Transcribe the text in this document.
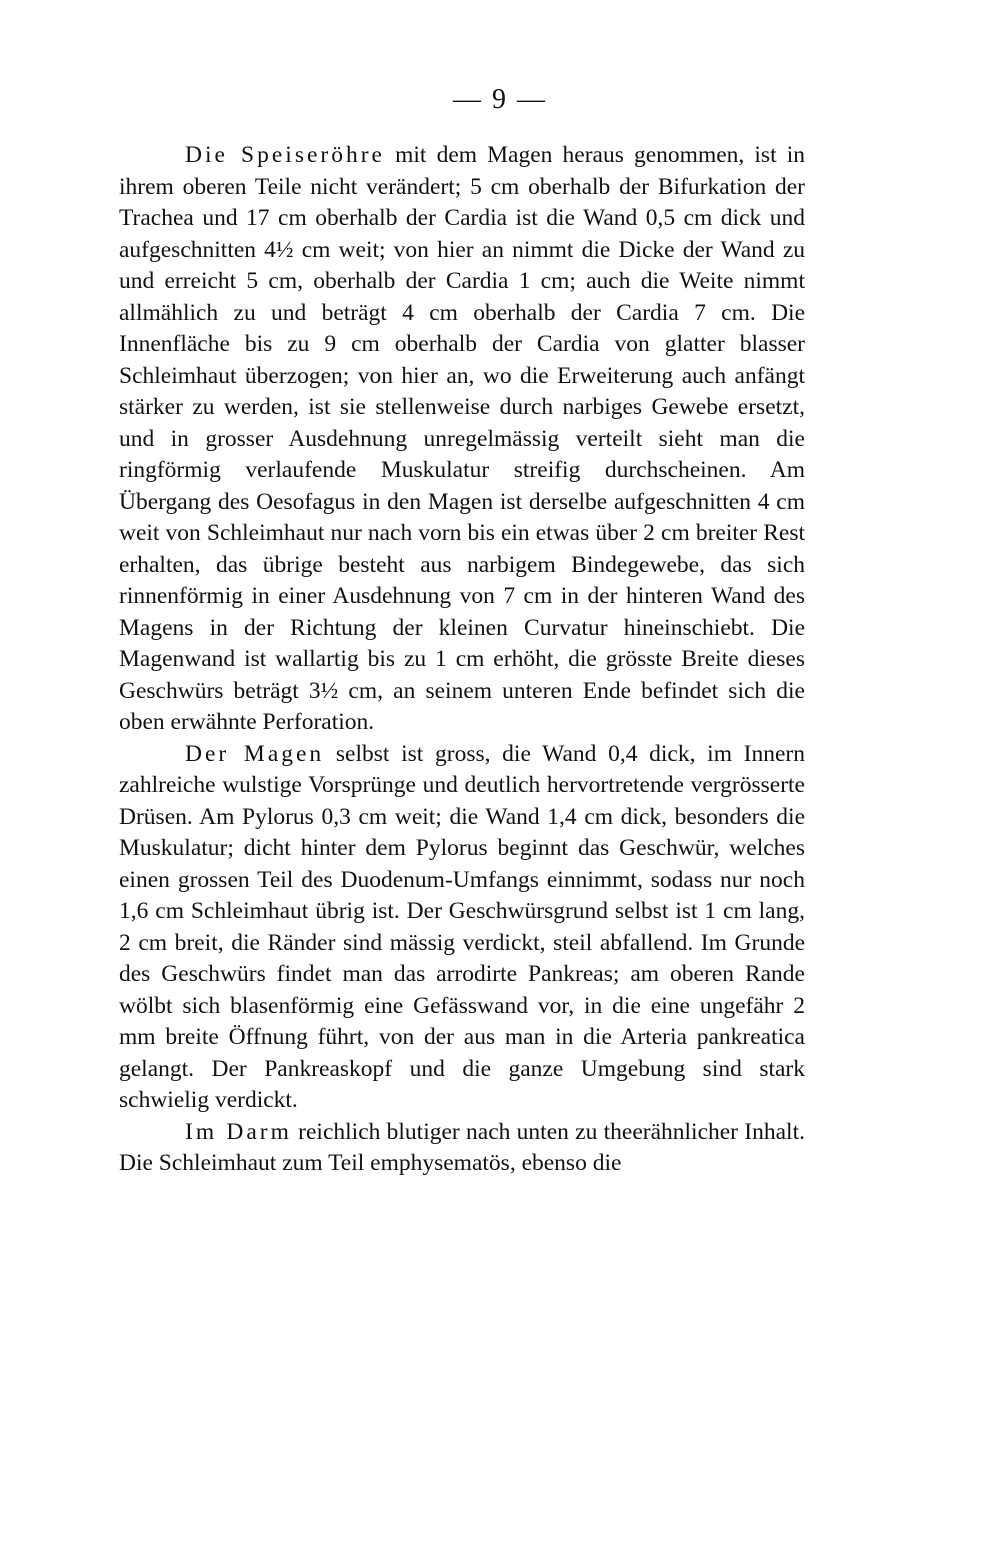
— 9 —

Die Speiseröhre mit dem Magen heraus genommen, ist in ihrem oberen Teile nicht verändert; 5 cm oberhalb der Bifurkation der Trachea und 17 cm oberhalb der Cardia ist die Wand 0,5 cm dick und aufgeschnitten 4½ cm weit; von hier an nimmt die Dicke der Wand zu und erreicht 5 cm, oberhalb der Cardia 1 cm; auch die Weite nimmt allmählich zu und beträgt 4 cm oberhalb der Cardia 7 cm. Die Innenfläche bis zu 9 cm oberhalb der Cardia von glatter blasser Schleimhaut überzogen; von hier an, wo die Erweiterung auch anfängt stärker zu werden, ist sie stellenweise durch narbiges Gewebe ersetzt, und in grosser Ausdehnung unregelmässig verteilt sieht man die ringförmig verlaufende Muskulatur streifig durchscheinen. Am Übergang des Oesofagus in den Magen ist derselbe aufgeschnitten 4 cm weit von Schleimhaut nur nach vorn bis ein etwas über 2 cm breiter Rest erhalten, das übrige besteht aus narbigem Bindegewebe, das sich rinnenförmig in einer Ausdehnung von 7 cm in der hinteren Wand des Magens in der Richtung der kleinen Curvatur hineinschiebt. Die Magenwand ist wallartig bis zu 1 cm erhöht, die grösste Breite dieses Geschwürs beträgt 3½ cm, an seinem unteren Ende befindet sich die oben erwähnte Perforation.

Der Magen selbst ist gross, die Wand 0,4 dick, im Innern zahlreiche wulstige Vorsprünge und deutlich hervortretende vergrösserte Drüsen. Am Pylorus 0,3 cm weit; die Wand 1,4 cm dick, besonders die Muskulatur; dicht hinter dem Pylorus beginnt das Geschwür, welches einen grossen Teil des Duodenum-Umfangs einnimmt, sodass nur noch 1,6 cm Schleimhaut übrig ist. Der Geschwürsgrund selbst ist 1 cm lang, 2 cm breit, die Ränder sind mässig verdickt, steil abfallend. Im Grunde des Geschwürs findet man das arrodirte Pankreas; am oberen Rande wölbt sich blasenförmig eine Gefässwand vor, in die eine ungefähr 2 mm breite Öffnung führt, von der aus man in die Arteria pankreatica gelangt. Der Pankreaskopf und die ganze Umgebung sind stark schwielig verdickt.

Im Darm reichlich blutiger nach unten zu theerähnlicher Inhalt. Die Schleimhaut zum Teil emphysematös, ebenso die
